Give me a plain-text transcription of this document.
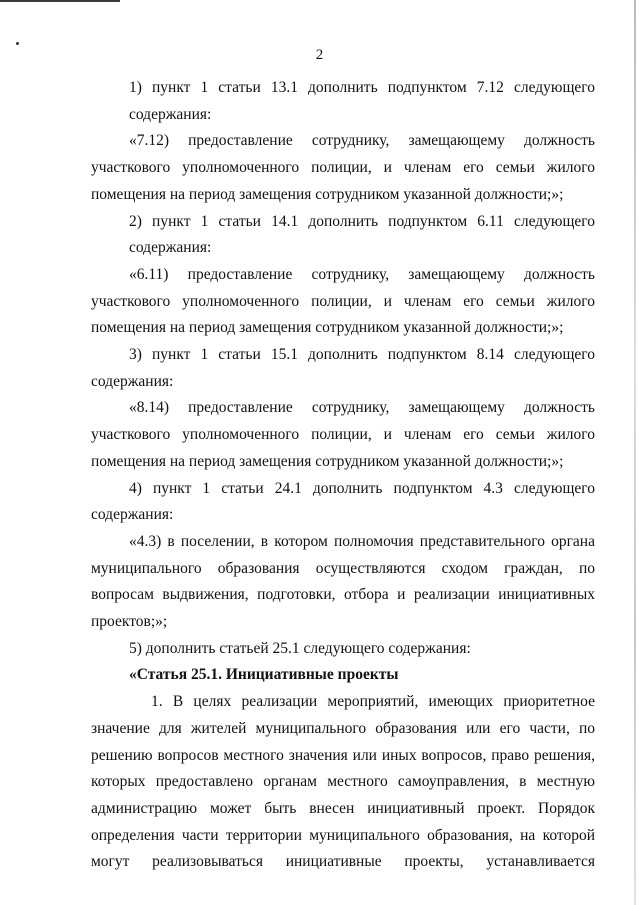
2

1) пункт 1 статьи 13.1 дополнить подпунктом 7.12 следующего содержания:

«7.12) предоставление сотруднику, замещающему должность участкового уполномоченного полиции, и членам его семьи жилого помещения на период замещения сотрудником указанной должности;»;

2) пункт 1 статьи 14.1 дополнить подпунктом 6.11 следующего содержания:

«6.11) предоставление сотруднику, замещающему должность участкового уполномоченного полиции, и членам его семьи жилого помещения на период замещения сотрудником указанной должности;»;

3) пункт 1 статьи 15.1 дополнить подпунктом 8.14 следующего содержания:

«8.14) предоставление сотруднику, замещающему должность участкового уполномоченного полиции, и членам его семьи жилого помещения на период замещения сотрудником указанной должности;»;

4) пункт 1 статьи 24.1 дополнить подпунктом 4.3 следующего содержания:

«4.3) в поселении, в котором полномочия представительного органа муниципального образования осуществляются сходом граждан, по вопросам выдвижения, подготовки, отбора и реализации инициативных проектов;»;

5) дополнить статьей 25.1 следующего содержания:

«Статья 25.1. Инициативные проекты

1. В целях реализации мероприятий, имеющих приоритетное значение для жителей муниципального образования или его части, по решению вопросов местного значения или иных вопросов, право решения, которых предоставлено органам местного самоуправления, в местную администрацию может быть внесен инициативный проект. Порядок определения части территории муниципального образования, на которой могут реализовываться инициативные проекты, устанавливается
